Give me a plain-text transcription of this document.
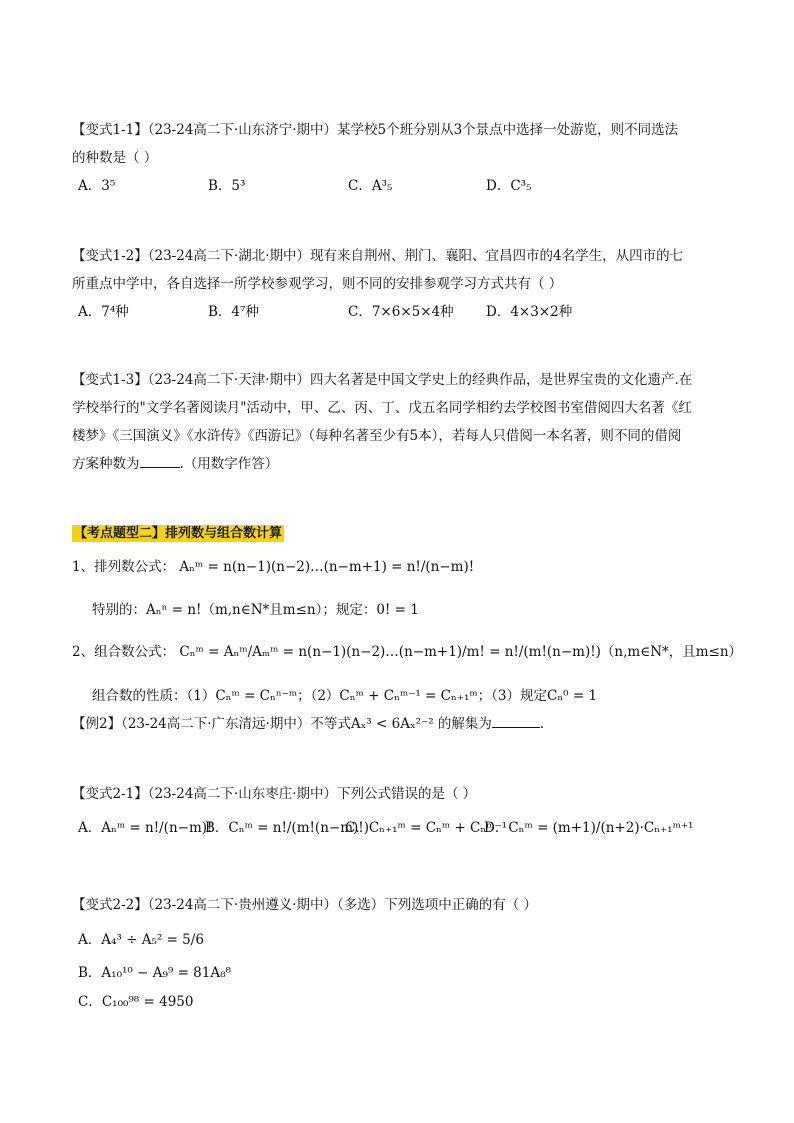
【变式1-1】（23-24高二下·山东济宁·期中）某学校5个班分别从3个景点中选择一处游览，则不同选法
的种数是（ ）
A．3⁵	B．5³	C．A³₅	D．C³₅
【变式1-2】（23-24高二下·湖北·期中）现有来自荆州、荆门、襄阳、宜昌四市的4名学生，从四市的七
所重点中学中，各自选择一所学校参观学习，则不同的安排参观学习方式共有（ ）
A．7⁴种	B．4⁷种	C．7×6×5×4种 D．4×3×2种
【变式1-3】（23-24高二下·天津·期中）四大名著是中国文学史上的经典作品，是世界宝贵的文化遗产.在
学校举行的"文学名著阅读月"活动中，甲、乙、丙、丁、戊五名同学相约去学校图书室借阅四大名著《红
楼梦》《三国演义》《水浒传》《西游记》（每种名著至少有5本），若每人只借阅一本名著，则不同的借阅
方案种数为	.（用数字作答）
【考点题型二】排列数与组合数计算
1、排列数公式： Aₙᵐ = n(n−1)(n−2)…(n−m+1) = n!/(n−m)!
特别的：Aₙⁿ = n!（m,n∈N*且m≤n）；规定：0! = 1
2、组合数公式： Cₙᵐ = Aₙᵐ/Aₘᵐ = n(n−1)(n−2)…(n−m+1)/m! = n!/(m!(n−m)!)（n,m∈N*，且m≤n）
组合数的性质：（1）Cₙᵐ = Cₙⁿ⁻ᵐ；（2）Cₙᵐ + Cₙᵐ⁻¹ = Cₙ₊₁ᵐ；（3）规定Cₙ⁰ = 1
【例2】（23-24高二下·广东清远·期中）不等式Aₓ³ < 6Aₓ²⁻² 的解集为	.
【变式2-1】（23-24高二下·山东枣庄·期中）下列公式错误的是（ ）
A．Aₙᵐ = n!/(n−m)!
B．Cₙᵐ = n!/(m!(n−m)!)
C．Cₙ₊₁ᵐ = Cₙᵐ + Cₙᵐ⁻¹
D．Cₙᵐ = (m+1)/(n+2)·Cₙ₊₁ᵐ⁺¹
【变式2-2】（23-24高二下·贵州遵义·期中）（多选）下列选项中正确的有（ ）
A．A₄³ ÷ A₅² = 5/6
B．A₁₀¹⁰ − A₉⁹ = 81A₈⁸
C．C₁₀₀⁹⁸ = 4950
